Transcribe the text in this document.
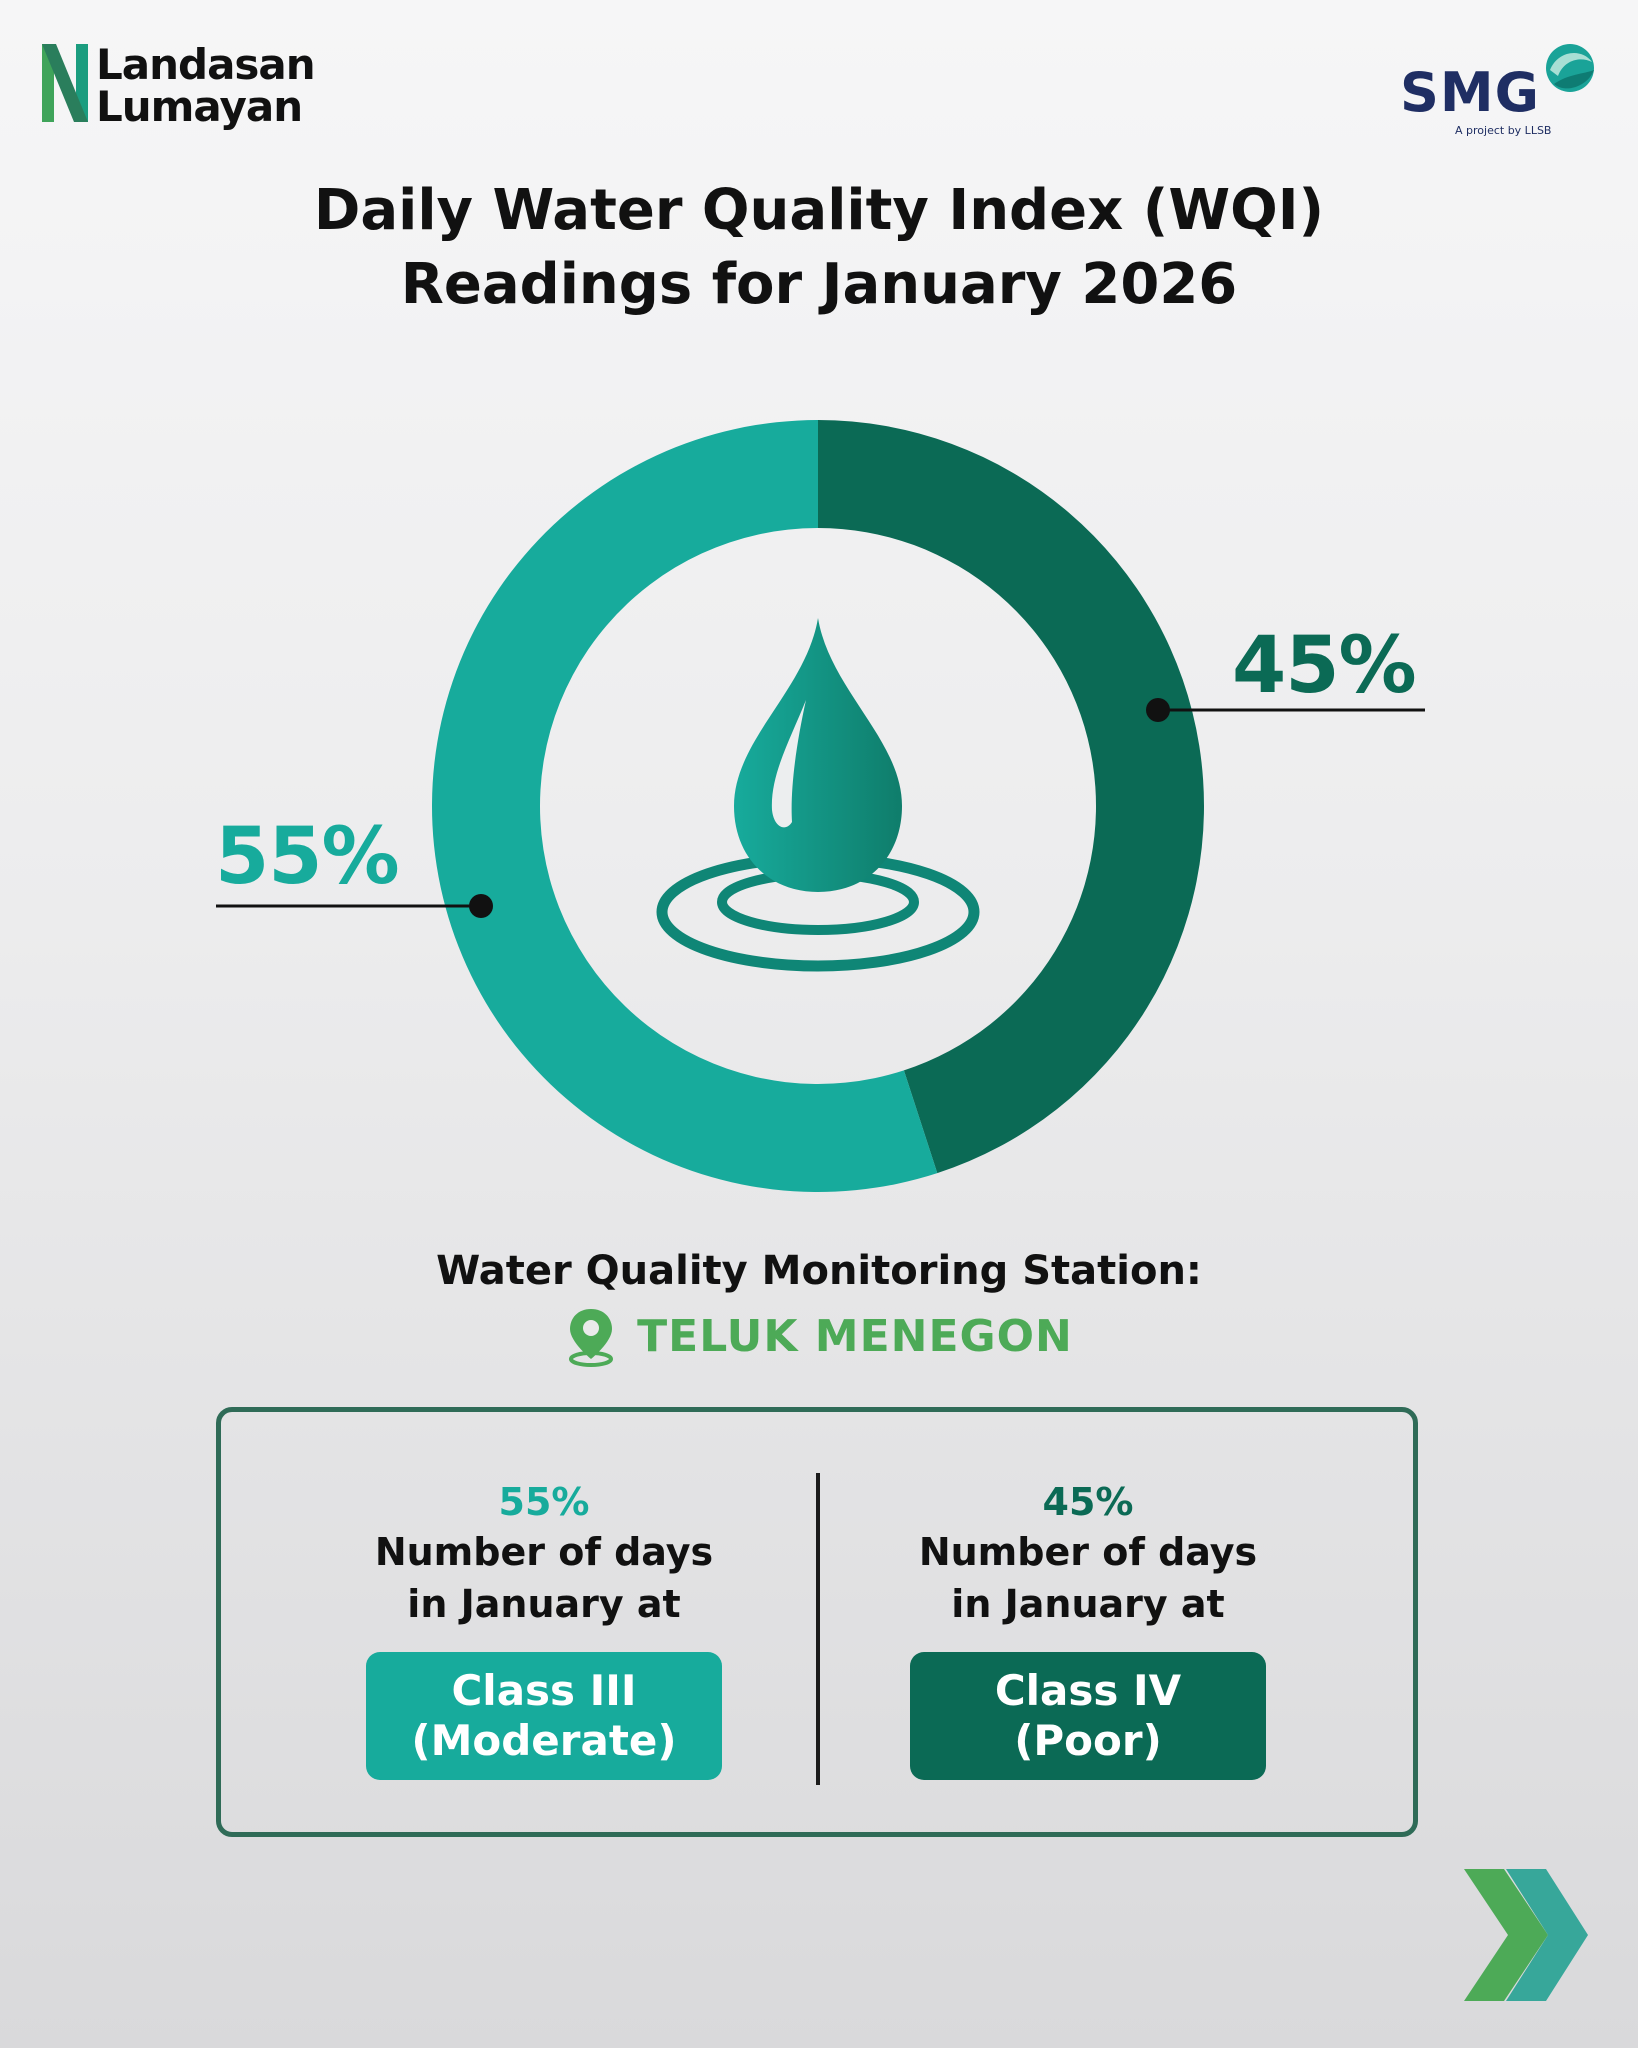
Landasan
Lumayan	SMG
A project by LLSB
Daily Water Quality Index (WQI)
Readings for January 2026
55%
45%
Water Quality Monitoring Station:
TELUK MENEGON
55%
Number of days
in January at
Class III
(Moderate)
45%
Number of days
in January at
Class IV
(Poor)
